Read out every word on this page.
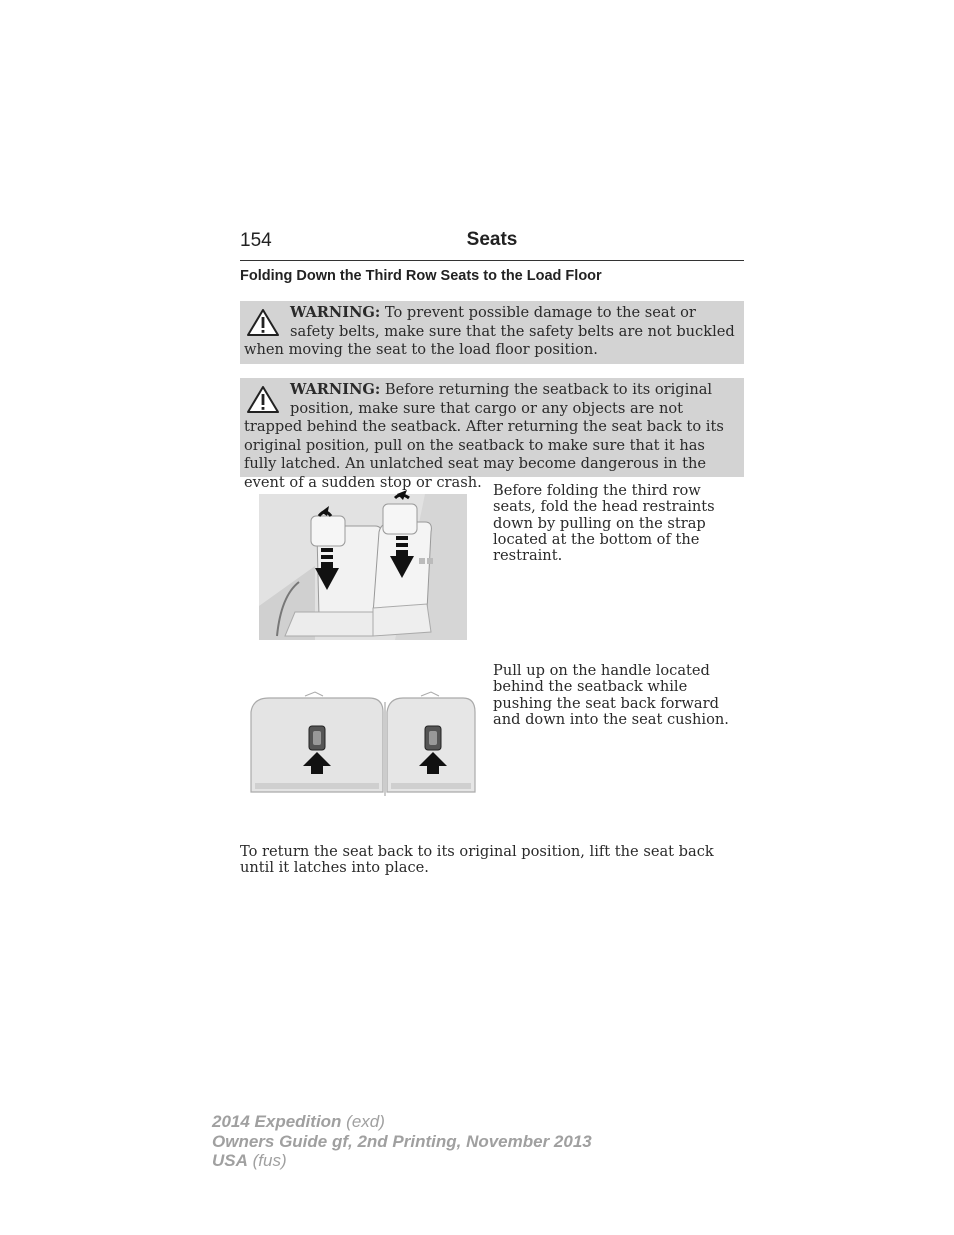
154	Seats
Folding Down the Third Row Seats to the Load Floor
WARNING: To prevent possible damage to the seat or safety belts, make sure that the safety belts are not buckled when moving the seat to the load floor position.
WARNING: Before returning the seatback to its original position, make sure that cargo or any objects are not trapped behind the seatback. After returning the seat back to its original position, pull on the seatback to make sure that it has fully latched. An unlatched seat may become dangerous in the event of a sudden stop or crash. Before folding the third row seats, fold the head restraints down by pulling on the strap located at the bottom of the restraint.
Pull up on the handle located behind the seatback while pushing the seat back forward and down into the seat cushion.
To return the seat back to its original position, lift the seat back until it latches into place.
2014 Expedition (exd)
Owners Guide gf, 2nd Printing, November 2013
USA (fus)
